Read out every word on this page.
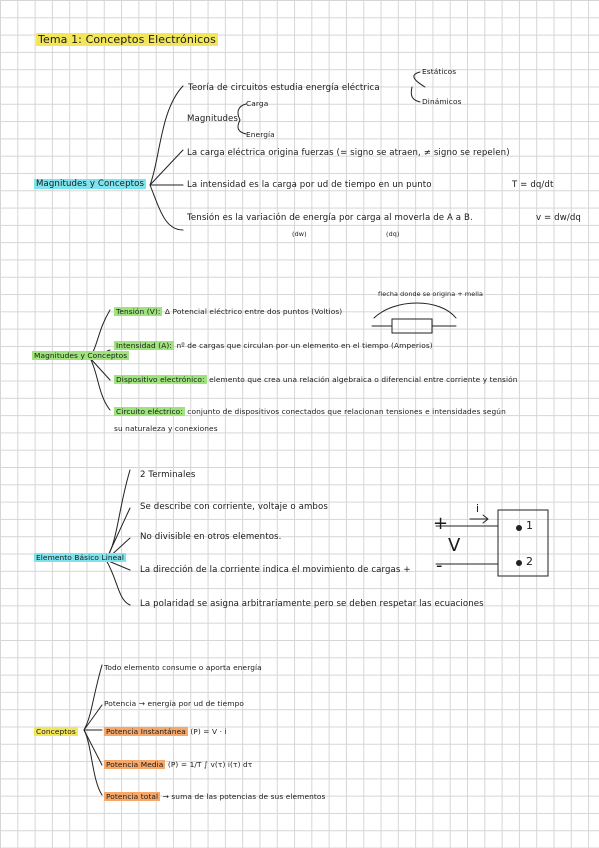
Tema 1: Conceptos Electrónicos
Magnitudes y Conceptos
Teoría de circuitos estudia energía eléctrica
Estáticos
Dinámicos
Magnitudes
Carga
Energía
La carga eléctrica origina fuerzas (= signo se atraen, ≠ signo se repelen)
La intensidad es la carga por ud de tiempo en un punto	T = dq/dt
Tensión es la variación de energía por carga al moverla de A a B.	v = dw/dq
(dw)	(dq)
Magnitudes y Conceptos
Tensión (V): Δ Potencial eléctrico entre dos puntos (Voltios)
flecha donde se origina + mella
Intensidad (A): nº de cargas que circulan por un elemento en el tiempo (Amperios)
Dispositivo electrónico: elemento que crea una relación algebraica o diferencial entre corriente y tensión
Circuito eléctrico: conjunto de dispositivos conectados que relacionan tensiones e intensidades según su naturaleza y conexiones
Elemento Básico Lineal
2 Terminales
Se describe con corriente, voltaje o ambos
No divisible en otros elementos.
La dirección de la corriente indica el movimiento de cargas +
La polaridad se asigna arbitrariamente pero se deben respetar las ecuaciones
+
-
V
i
1
2
Conceptos
Todo elemento consume o aporta energía
Potencia → energía por ud de tiempo
Potencia Instantánea (P) = V · i
Potencia Media (P) = 1/T ∫ v(τ) i(τ) dτ
Potencia total → suma de las potencias de sus elementos
